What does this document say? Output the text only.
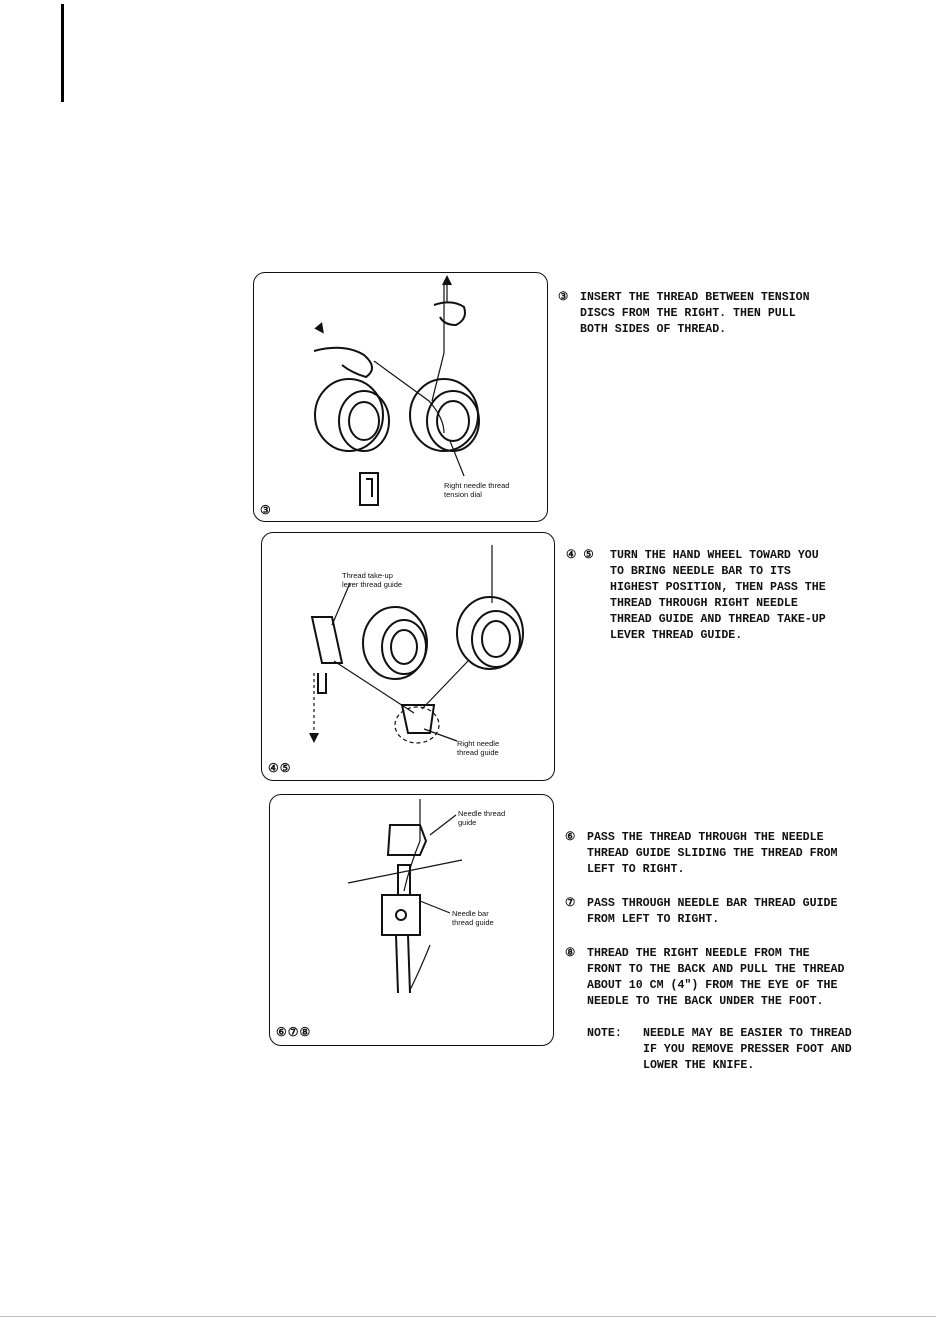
Right needle thread
tension dial
③
Thread take-up
lever thread guide
Right needle
thread guide
④⑤
Needle thread
guide
Needle bar
thread guide
⑥⑦⑧
③ INSERT THE THREAD BETWEEN TENSION
DISCS FROM THE RIGHT. THEN PULL
BOTH SIDES OF THREAD.
④ ⑤ TURN THE HAND WHEEL TOWARD YOU
TO BRING NEEDLE BAR TO ITS
HIGHEST POSITION, THEN PASS THE
THREAD THROUGH RIGHT NEEDLE
THREAD GUIDE AND THREAD TAKE-UP
LEVER THREAD GUIDE.
⑥ PASS THE THREAD THROUGH THE NEEDLE
THREAD GUIDE SLIDING THE THREAD FROM
LEFT TO RIGHT.
⑦ PASS THROUGH NEEDLE BAR THREAD GUIDE
FROM LEFT TO RIGHT.
⑧ THREAD THE RIGHT NEEDLE FROM THE
FRONT TO THE BACK AND PULL THE THREAD
ABOUT 10 CM (4") FROM THE EYE OF THE
NEEDLE TO THE BACK UNDER THE FOOT.
NOTE: NEEDLE MAY BE EASIER TO THREAD
IF YOU REMOVE PRESSER FOOT AND
LOWER THE KNIFE.
